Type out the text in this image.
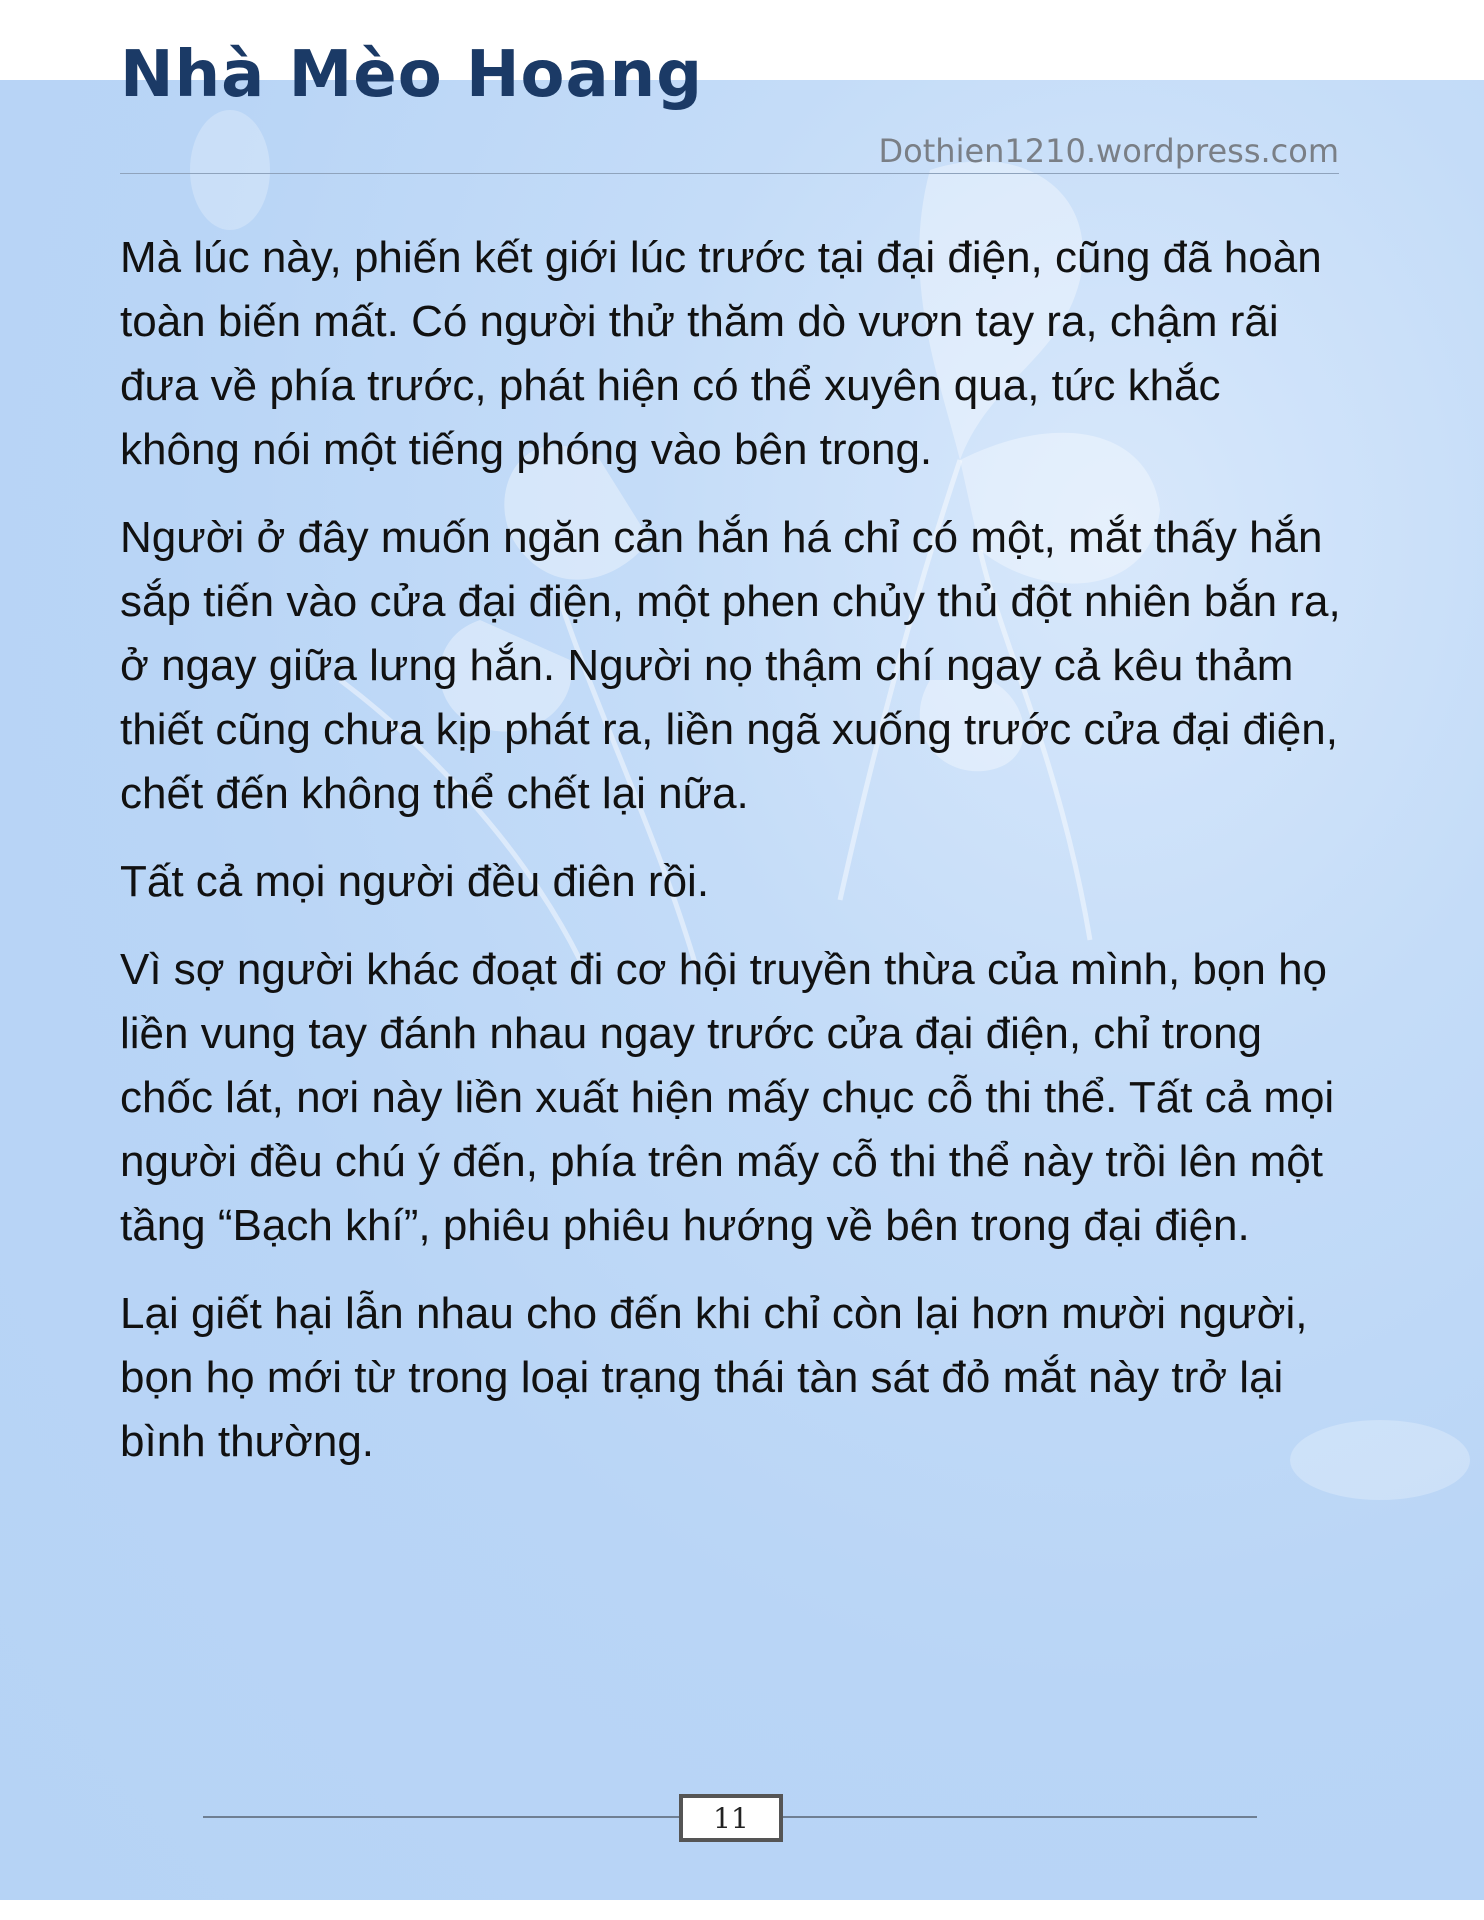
Nhà Mèo Hoang
Dothien1210.wordpress.com

Mà lúc này, phiến kết giới lúc trước tại đại điện, cũng đã hoàn toàn biến mất. Có người thử thăm dò vươn tay ra, chậm rãi đưa về phía trước, phát hiện có thể xuyên qua, tức khắc không nói một tiếng phóng vào bên trong.

Người ở đây muốn ngăn cản hắn há chỉ có một, mắt thấy hắn sắp tiến vào cửa đại điện, một phen chủy thủ đột nhiên bắn ra, ở ngay giữa lưng hắn. Người nọ thậm chí ngay cả kêu thảm thiết cũng chưa kịp phát ra, liền ngã xuống trước cửa đại điện, chết đến không thể chết lại nữa.

Tất cả mọi người đều điên rồi.

Vì sợ người khác đoạt đi cơ hội truyền thừa của mình, bọn họ liền vung tay đánh nhau ngay trước cửa đại điện, chỉ trong chốc lát, nơi này liền xuất hiện mấy chục cỗ thi thể. Tất cả mọi người đều chú ý đến, phía trên mấy cỗ thi thể này trồi lên một tầng “Bạch khí”, phiêu phiêu hướng về bên trong đại điện.

Lại giết hại lẫn nhau cho đến khi chỉ còn lại hơn mười người, bọn họ mới từ trong loại trạng thái tàn sát đỏ mắt này trở lại bình thường.

11
